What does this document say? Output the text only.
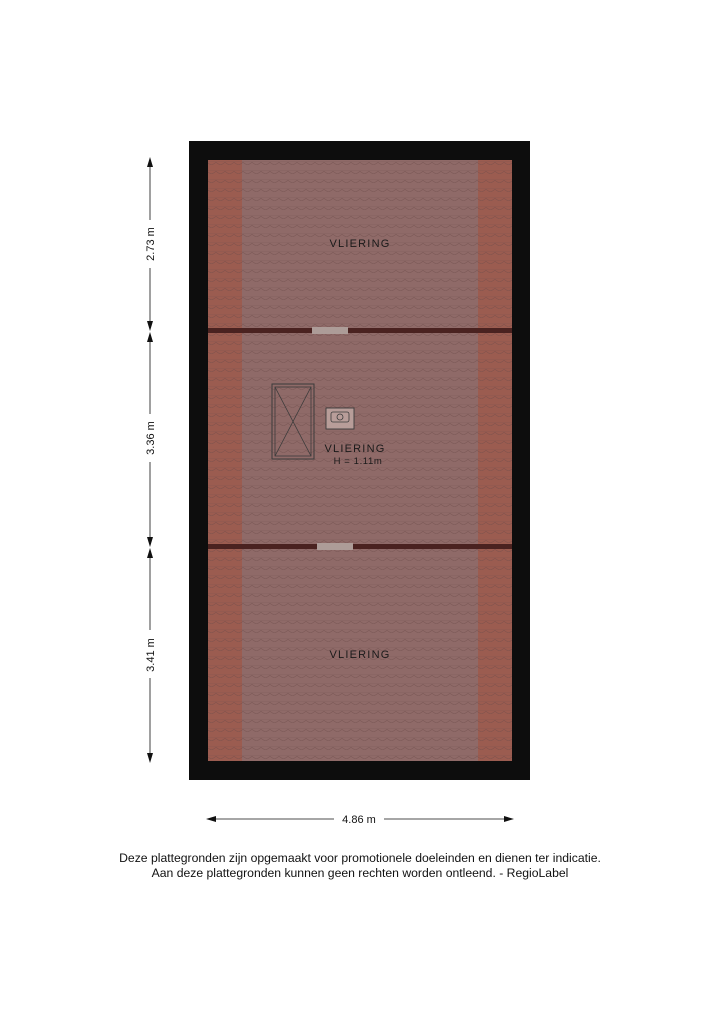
VLIERING
VLIERING
H = 1.11m
VLIERING
2.73 m
3.36 m
3.41 m
4.86 m
Deze plattegronden zijn opgemaakt voor promotionele doeleinden en dienen ter indicatie.
Aan deze plattegronden kunnen geen rechten worden ontleend. - RegioLabel
